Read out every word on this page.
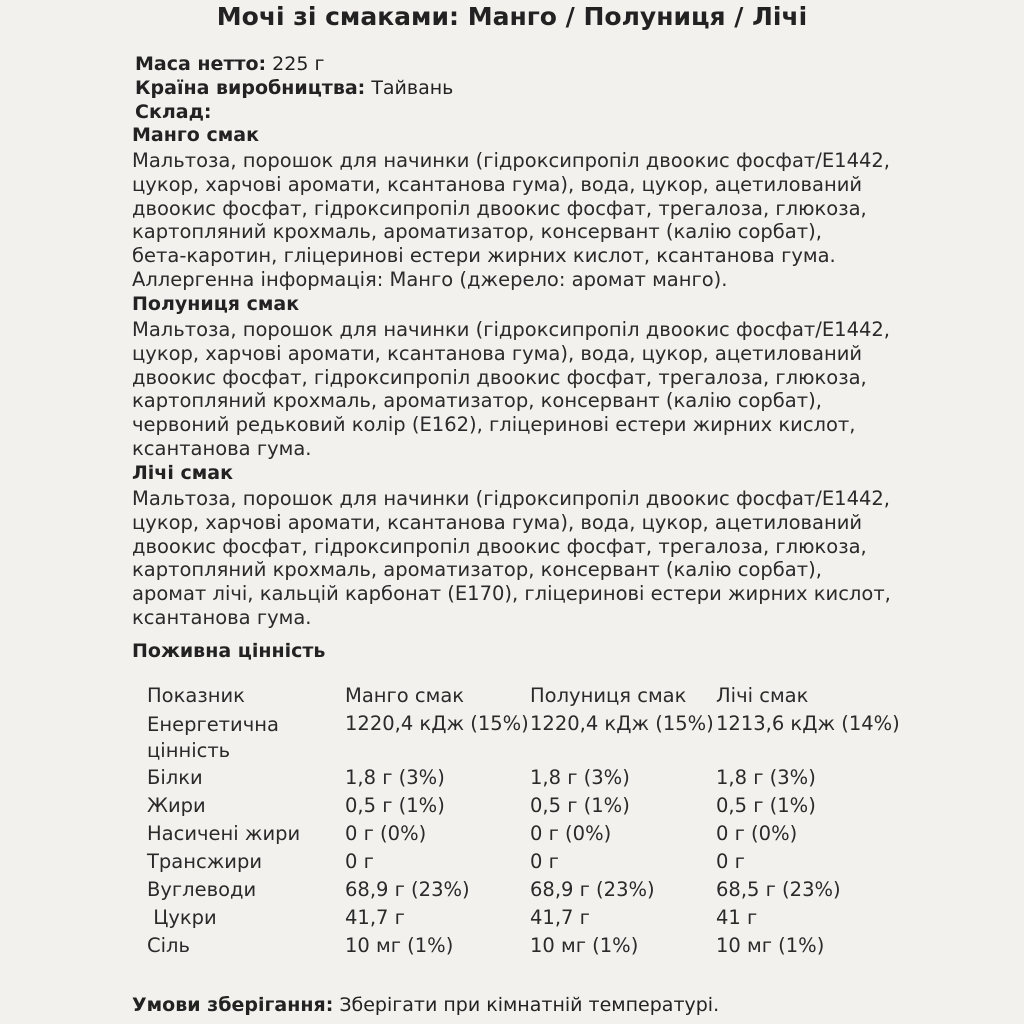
Мочі зі смаками: Манго / Полуниця / Лічі
Маса нетто: 225 г
Країна виробництва: Тайвань
Склад:
Манго смак
Мальтоза, порошок для начинки (гідроксипропіл двоокис фосфат/Е1442,
цукор, харчові аромати, ксантанова гума), вода, цукор, ацетилований
двоокис фосфат, гідроксипропіл двоокис фосфат, трегалоза, глюкоза,
картопляний крохмаль, ароматизатор, консервант (калію сорбат),
бета-каротин, гліцеринові естери жирних кислот, ксантанова гума.
Аллергенна інформація: Манго (джерело: аромат манго).
Полуниця смак
Мальтоза, порошок для начинки (гідроксипропіл двоокис фосфат/Е1442,
цукор, харчові аромати, ксантанова гума), вода, цукор, ацетилований
двоокис фосфат, гідроксипропіл двоокис фосфат, трегалоза, глюкоза,
картопляний крохмаль, ароматизатор, консервант (калію сорбат),
червоний редьковий колір (Е162), гліцеринові естери жирних кислот,
ксантанова гума.
Лічі смак
Мальтоза, порошок для начинки (гідроксипропіл двоокис фосфат/Е1442,
цукор, харчові аромати, ксантанова гума), вода, цукор, ацетилований
двоокис фосфат, гідроксипропіл двоокис фосфат, трегалоза, глюкоза,
картопляний крохмаль, ароматизатор, консервант (калію сорбат),
аромат лічі, кальцій карбонат (Е170), гліцеринові естери жирних кислот,
ксантанова гума.
Поживна цінність
Показник	Манго смак	Полуниця смак	Лічі смак
Енергетична цінність	1220,4 кДж (15%)	1220,4 кДж (15%)	1213,6 кДж (14%)
Білки	1,8 г (3%)	1,8 г (3%)	1,8 г (3%)
Жири	0,5 г (1%)	0,5 г (1%)	0,5 г (1%)
Насичені жири	0 г (0%)	0 г (0%)	0 г (0%)
Трансжири	0 г	0 г	0 г
Вуглеводи	68,9 г (23%)	68,9 г (23%)	68,5 г (23%)
Цукри	41,7 г	41,7 г	41 г
Сіль	10 мг (1%)	10 мг (1%)	10 мг (1%)
Умови зберігання: Зберігати при кімнатній температурі.
